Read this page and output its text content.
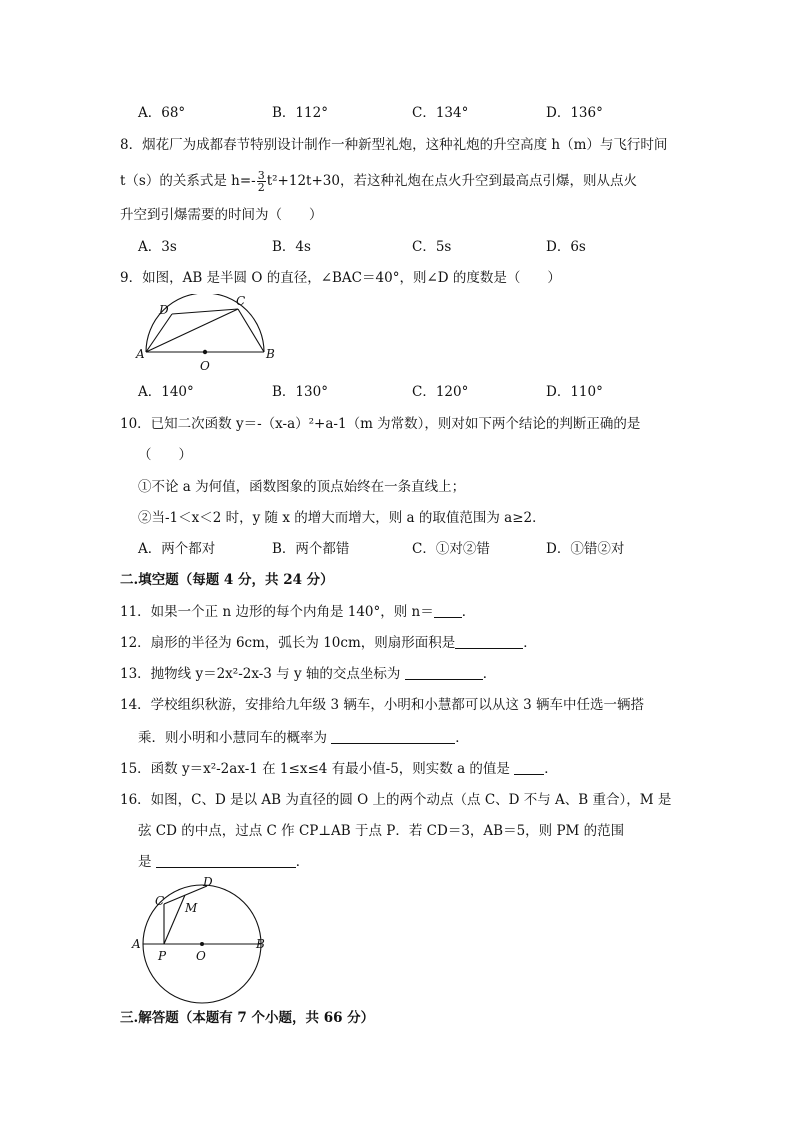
A．68°	B．112°	C．134°	D．136°
8．烟花厂为成都春节特别设计制作一种新型礼炮，这种礼炮的升空高度 h（m）与飞行时间
t（s）的关系式是 $h=- \frac{3}{2} t^2+12t+30$，若这种礼炮在点火升空到最高点引爆，则从点火
升空到引爆需要的时间为（　　）
A．3s	B．4s	C．5s	D．6s
9．如图，AB 是半圆 O 的直径，∠BAC＝40°，则∠D 的度数是（　　）
A	B
C
D
O
A．140°	B．130°	C．120°	D．110°
10．已知二次函数 y＝-（x-a）²+a-1（m 为常数），则对如下两个结论的判断正确的是
（　　）
①不论 a 为何值，函数图象的顶点始终在一条直线上；
②当-1＜x＜2 时，y 随 x 的增大而增大，则 a 的取值范围为 a≥2．
A．两个都对	B．两个都错	C．①对②错	D．①错②对
二.填空题（每题 4 分，共 24 分）
11．如果一个正 n 边形的每个内角是 140°，则 n＝ ．
12．扇形的半径为 6cm，弧长为 10cm，则扇形面积是	．
13．抛物线 y＝2x²-2x-3 与 y 轴的交点坐标为	．
14．学校组织秋游，安排给九年级 3 辆车，小明和小慧都可以从这 3 辆车中任选一辆搭
乘．则小明和小慧同车的概率为	．
15．函数 y＝x²-2ax-1 在 1≤x≤4 有最小值-5，则实数 a 的值是 ．
16．如图，C、D 是以 AB 为直径的圆 O 上的两个动点（点 C、D 不与 A、B 重合），M 是
弦 CD 的中点，过点 C 作 CP⊥AB 于点 P．若 CD＝3，AB＝5，则 PM 的范围
是	．
A	B
C
D
M
P O
三.解答题（本题有 7 个小题，共 66 分）
